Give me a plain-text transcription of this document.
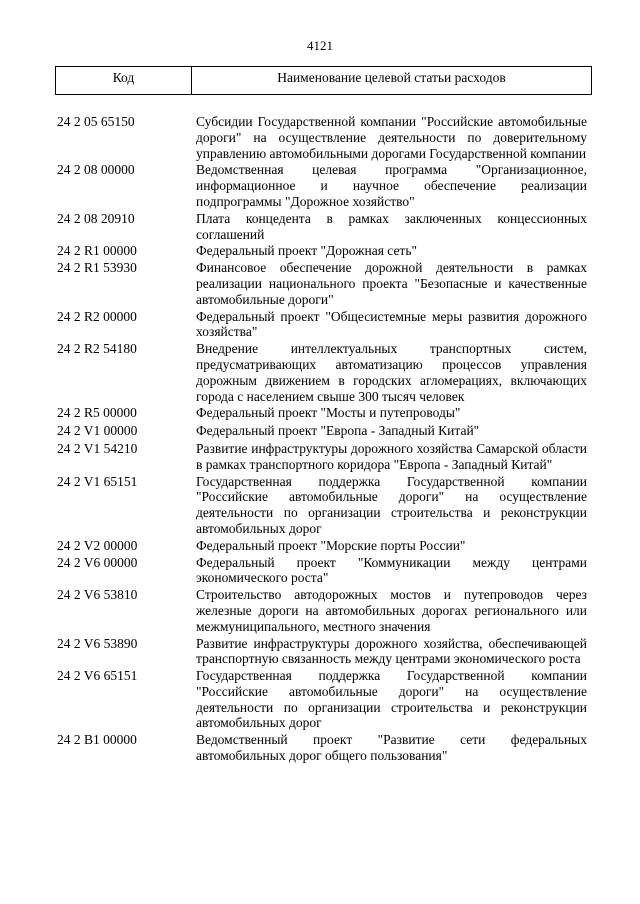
4121
Код	Наименование целевой статьи расходов
24 2 05 65150	Субсидии Государственной компании "Российские автомобильные дороги" на осуществление деятельности по доверительному управлению автомобильными дорогами Государственной компании
24 2 08 00000	Ведомственная целевая программа "Организационное, информационное и научное обеспечение реализации подпрограммы "Дорожное хозяйство"
24 2 08 20910	Плата концедента в рамках заключенных концессионных соглашений
24 2 R1 00000	Федеральный проект "Дорожная сеть"
24 2 R1 53930	Финансовое обеспечение дорожной деятельности в рамках реализации национального проекта "Безопасные и качественные автомобильные дороги"
24 2 R2 00000	Федеральный проект "Общесистемные меры развития дорожного хозяйства"
24 2 R2 54180	Внедрение интеллектуальных транспортных систем, предусматривающих автоматизацию процессов управления дорожным движением в городских агломерациях, включающих города с населением свыше 300 тысяч человек
24 2 R5 00000	Федеральный проект "Мосты и путепроводы"
24 2 V1 00000	Федеральный проект "Европа - Западный Китай"
24 2 V1 54210	Развитие инфраструктуры дорожного хозяйства Самарской области в рамках транспортного коридора "Европа - Западный Китай"
24 2 V1 65151	Государственная поддержка Государственной компании "Российские автомобильные дороги" на осуществление деятельности по организации строительства и реконструкции автомобильных дорог
24 2 V2 00000	Федеральный проект "Морские порты России"
24 2 V6 00000	Федеральный проект "Коммуникации между центрами экономического роста"
24 2 V6 53810	Строительство автодорожных мостов и путепроводов через железные дороги на автомобильных дорогах регионального или межмуниципального, местного значения
24 2 V6 53890	Развитие инфраструктуры дорожного хозяйства, обеспечивающей транспортную связанность между центрами экономического роста
24 2 V6 65151	Государственная поддержка Государственной компании "Российские автомобильные дороги" на осуществление деятельности по организации строительства и реконструкции автомобильных дорог
24 2 B1 00000	Ведомственный проект "Развитие сети федеральных автомобильных дорог общего пользования"
